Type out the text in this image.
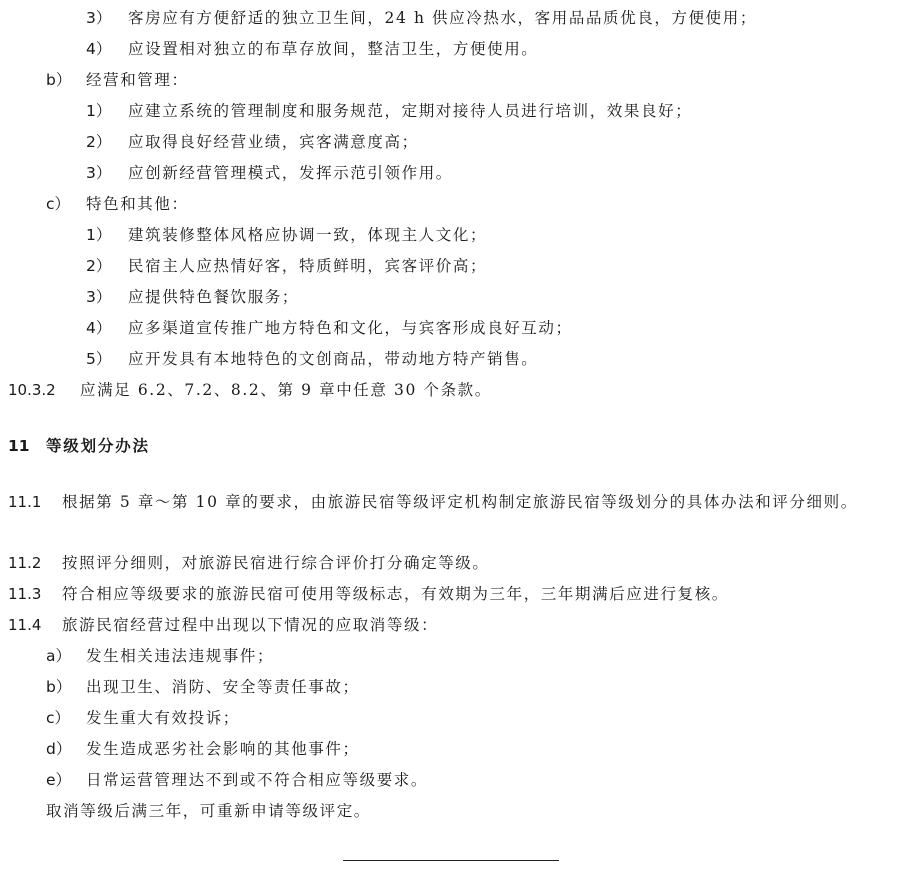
3） 客房应有方便舒适的独立卫生间，24 h 供应冷热水，客用品品质优良，方便使用；
4） 应设置相对独立的布草存放间，整洁卫生，方便使用。
b） 经营和管理：
1） 应建立系统的管理制度和服务规范，定期对接待人员进行培训，效果良好；
2） 应取得良好经营业绩，宾客满意度高；
3） 应创新经营管理模式，发挥示范引领作用。
c） 特色和其他：
1） 建筑装修整体风格应协调一致，体现主人文化；
2） 民宿主人应热情好客，特质鲜明，宾客评价高；
3） 应提供特色餐饮服务；
4） 应多渠道宣传推广地方特色和文化，与宾客形成良好互动；
5） 应开发具有本地特色的文创商品，带动地方特产销售。
10.3.2 应满足 6.2、7.2、8.2、第 9 章中任意 30 个条款。
11 等级划分办法
11.1 根据第 5 章～第 10 章的要求，由旅游民宿等级评定机构制定旅游民宿等级划分的具体办法和评分细则。
11.2 按照评分细则，对旅游民宿进行综合评价打分确定等级。
11.3 符合相应等级要求的旅游民宿可使用等级标志，有效期为三年，三年期满后应进行复核。
11.4 旅游民宿经营过程中出现以下情况的应取消等级：
a） 发生相关违法违规事件；
b） 出现卫生、消防、安全等责任事故；
c） 发生重大有效投诉；
d） 发生造成恶劣社会影响的其他事件；
e） 日常运营管理达不到或不符合相应等级要求。
取消等级后满三年，可重新申请等级评定。
